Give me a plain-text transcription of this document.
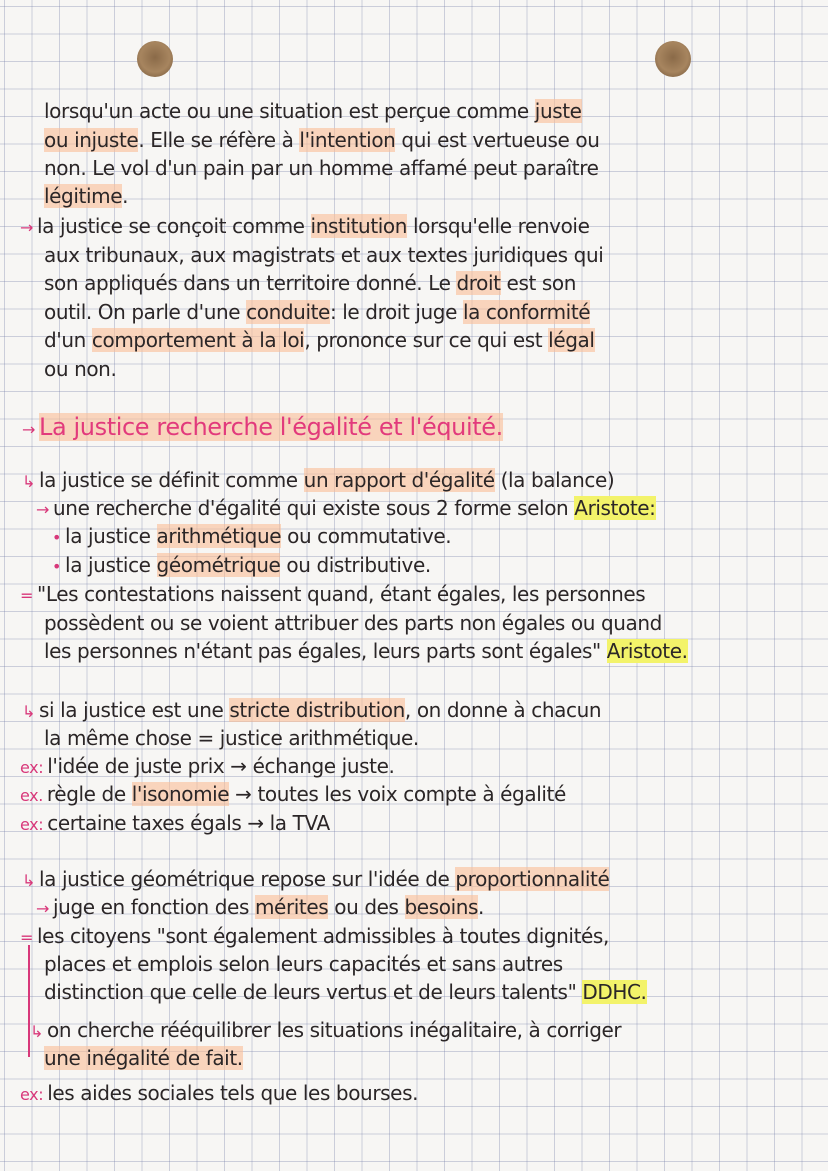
lorsqu'un acte ou une situation est perçue comme juste
ou injuste. Elle se réfère à l'intention qui est vertueuse ou
non. Le vol d'un pain par un homme affamé peut paraître
légitime.
→ la justice se conçoit comme institution lorsqu'elle renvoie
aux tribunaux, aux magistrats et aux textes juridiques qui
son appliqués dans un territoire donné. Le droit est son
outil. On parle d'une conduite: le droit juge la conformité
d'un comportement à la loi, prononce sur ce qui est légal
ou non.
→ La justice recherche l'égalité et l'équité.
↳ la justice se définit comme un rapport d'égalité (la balance)
→ une recherche d'égalité qui existe sous 2 forme selon Aristote:
• la justice arithmétique ou commutative.
• la justice géométrique ou distributive.
= "Les contestations naissent quand, étant égales, les personnes
possèdent ou se voient attribuer des parts non égales ou quand
les personnes n'étant pas égales, leurs parts sont égales" Aristote.
↳ si la justice est une stricte distribution, on donne à chacun
la même chose = justice arithmétique.
ex: l'idée de juste prix → échange juste.
ex. règle de l'isonomie → toutes les voix compte à égalité
ex: certaine taxes égals → la TVA
↳ la justice géométrique repose sur l'idée de proportionnalité
→ juge en fonction des mérites ou des besoins.
= les citoyens "sont également admissibles à toutes dignités,
places et emplois selon leurs capacités et sans autres
distinction que celle de leurs vertus et de leurs talents" DDHC.
↳ on cherche rééquilibrer les situations inégalitaire, à corriger
une inégalité de fait.
ex: les aides sociales tels que les bourses.
